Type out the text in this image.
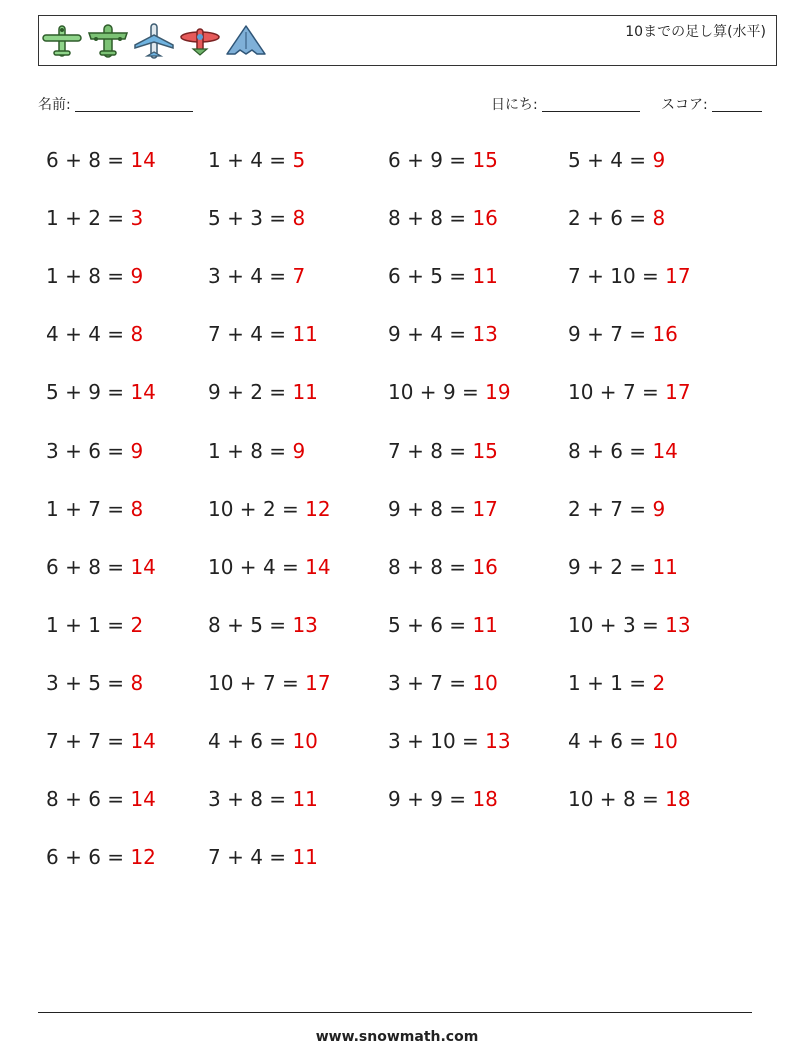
10までの足し算(水平)
名前:	日にち:	スコア:
6 + 8 = 14
1 + 2 = 3
1 + 8 = 9
4 + 4 = 8
5 + 9 = 14
3 + 6 = 9
1 + 7 = 8
6 + 8 = 14
1 + 1 = 2
3 + 5 = 8
7 + 7 = 14
8 + 6 = 14
6 + 6 = 12
1 + 4 = 5
5 + 3 = 8
3 + 4 = 7
7 + 4 = 11
9 + 2 = 11
1 + 8 = 9
10 + 2 = 12
10 + 4 = 14
8 + 5 = 13
10 + 7 = 17
4 + 6 = 10
3 + 8 = 11
7 + 4 = 11
6 + 9 = 15
8 + 8 = 16
6 + 5 = 11
9 + 4 = 13
10 + 9 = 19
7 + 8 = 15
9 + 8 = 17
8 + 8 = 16
5 + 6 = 11
3 + 7 = 10
3 + 10 = 13
9 + 9 = 18
5 + 4 = 9
2 + 6 = 8
7 + 10 = 17
9 + 7 = 16
10 + 7 = 17
8 + 6 = 14
2 + 7 = 9
9 + 2 = 11
10 + 3 = 13
1 + 1 = 2
4 + 6 = 10
10 + 8 = 18
www.snowmath.com
